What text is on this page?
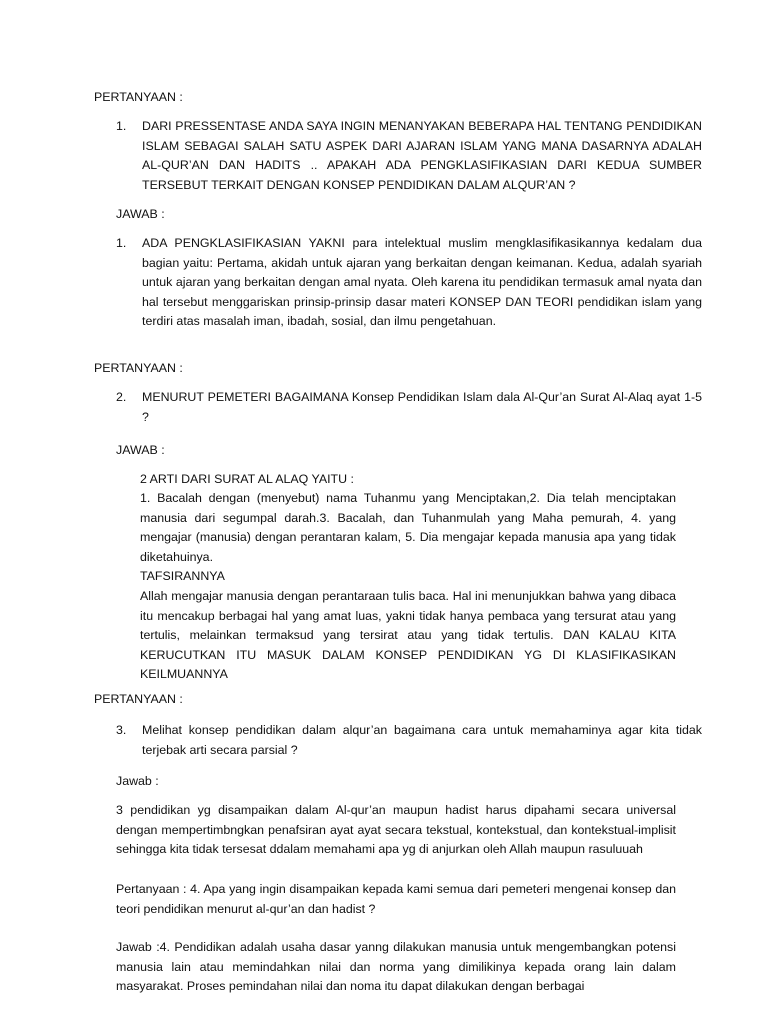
PERTANYAAN :
1. DARI PRESSENTASE ANDA SAYA INGIN MENANYAKAN BEBERAPA HAL TENTANG PENDIDIKAN ISLAM SEBAGAI SALAH SATU ASPEK DARI AJARAN ISLAM YANG MANA DASARNYA ADALAH AL-QUR’AN DAN HADITS .. APAKAH ADA PENGKLASIFIKASIAN DARI KEDUA SUMBER TERSEBUT TERKAIT DENGAN KONSEP PENDIDIKAN DALAM ALQUR’AN ?
JAWAB :
1. ADA PENGKLASIFIKASIAN YAKNI para intelektual muslim mengklasifikasikannya kedalam dua bagian yaitu: Pertama, akidah untuk ajaran yang berkaitan dengan keimanan. Kedua, adalah syariah untuk ajaran yang berkaitan dengan amal nyata. Oleh karena itu pendidikan termasuk amal nyata dan hal tersebut menggariskan prinsip-prinsip dasar materi KONSEP DAN TEORI pendidikan islam yang terdiri atas masalah iman, ibadah, sosial, dan ilmu pengetahuan.
PERTANYAAN :
2. MENURUT PEMETERI BAGAIMANA Konsep Pendidikan Islam dala Al-Qur’an Surat Al-Alaq ayat 1-5 ?
JAWAB :
2 ARTI DARI SURAT AL ALAQ YAITU :

1. Bacalah dengan (menyebut) nama Tuhanmu yang Menciptakan,2. Dia telah menciptakan manusia dari segumpal darah.3. Bacalah, dan Tuhanmulah yang Maha pemurah, 4. yang mengajar (manusia) dengan perantaran kalam, 5. Dia mengajar kepada manusia apa yang tidak diketahuinya.

TAFSIRANNYA

Allah mengajar manusia dengan perantaraan tulis baca. Hal ini menunjukkan bahwa yang dibaca itu mencakup berbagai hal yang amat luas, yakni tidak hanya pembaca yang tersurat atau yang tertulis, melainkan termaksud yang tersirat atau yang tidak tertulis. DAN KALAU KITA KERUCUTKAN ITU MASUK DALAM KONSEP PENDIDIKAN YG DI KLASIFIKASIKAN KEILMUANNYA

PERTANYAAN :
3. Melihat konsep pendidikan dalam alqur’an bagaimana cara untuk memahaminya agar kita tidak terjebak arti secara parsial ?
Jawab :
3 pendidikan yg disampaikan dalam Al-qur’an maupun hadist harus dipahami secara universal dengan mempertimbngkan penafsiran ayat ayat secara tekstual, kontekstual, dan kontekstual-implisit sehingga kita tidak tersesat ddalam memahami apa yg di anjurkan oleh Allah maupun rasuluuah
Pertanyaan : 4. Apa yang ingin disampaikan kepada kami semua dari pemeteri mengenai konsep dan teori pendidikan menurut al-qur’an dan hadist ?
Jawab :4. Pendidikan adalah usaha dasar yanng dilakukan manusia untuk mengembangkan potensi manusia lain atau memindahkan nilai dan norma yang dimilikinya kepada orang lain dalam masyarakat. Proses pemindahan nilai dan noma itu dapat dilakukan dengan berbagai
